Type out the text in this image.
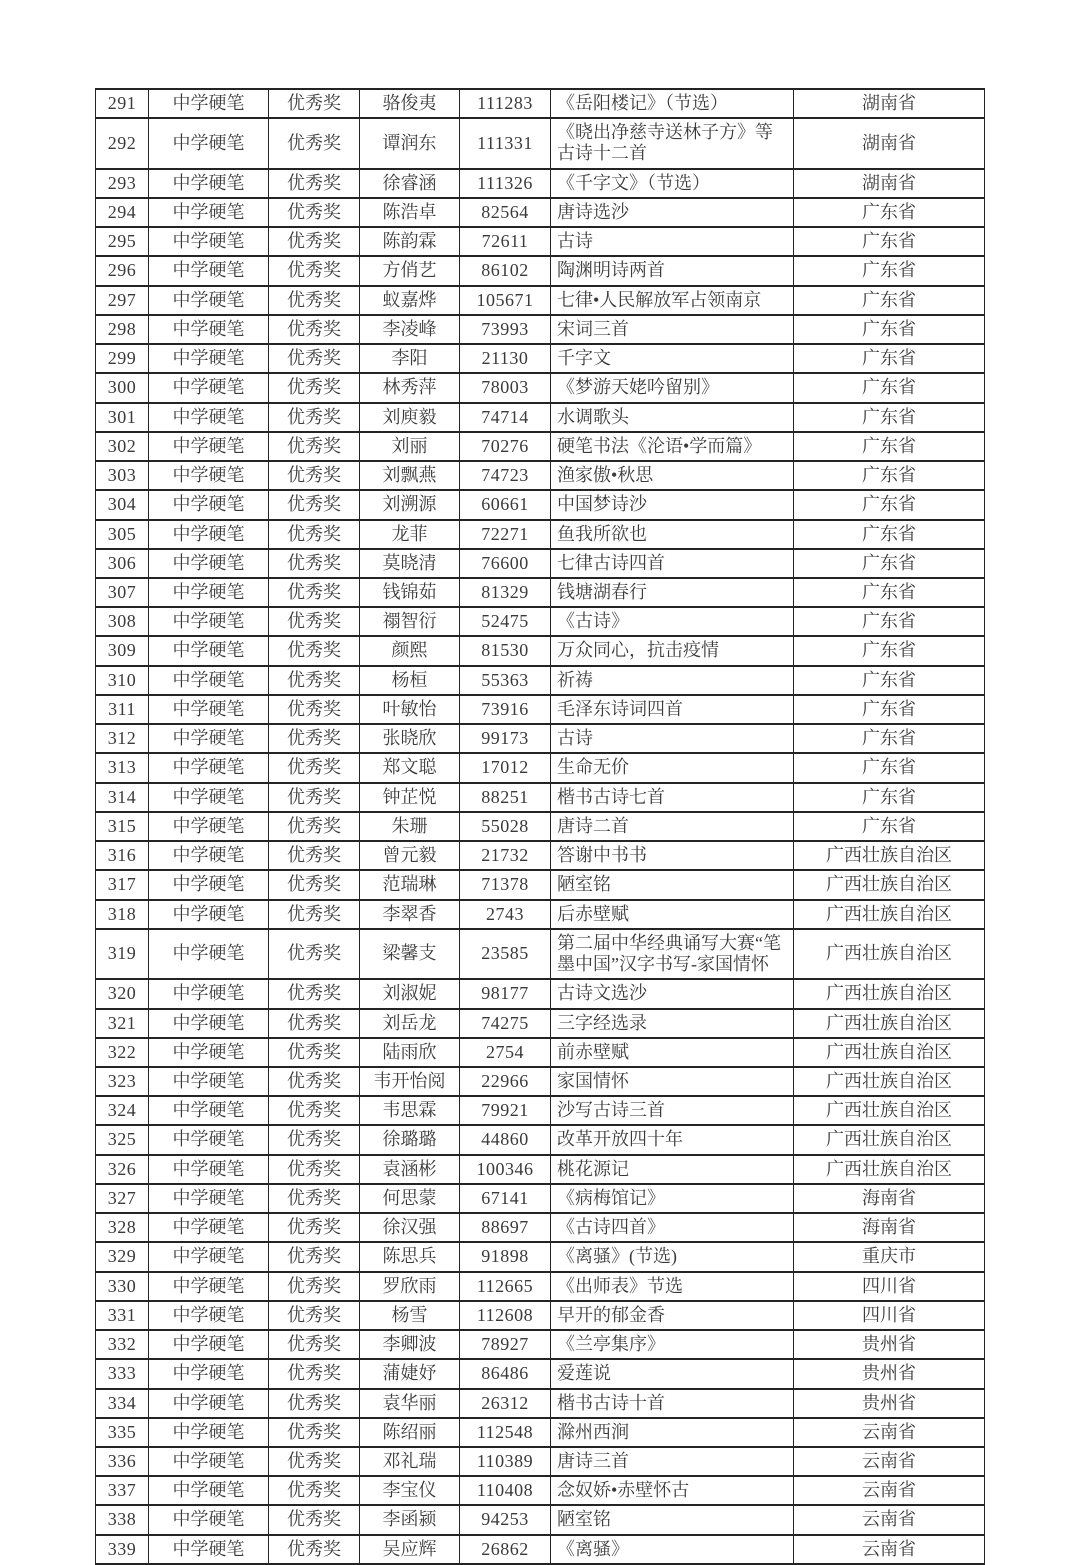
291	中学硬笔	优秀奖	骆俊夷	111283	《岳阳楼记》（节选）	湖南省
292	中学硬笔	优秀奖	谭润东	111331	《晓出净慈寺送林子方》等古诗十二首	湖南省
293	中学硬笔	优秀奖	徐睿涵	111326	《千字文》（节选）	湖南省
294	中学硬笔	优秀奖	陈浩卓	82564	唐诗选沙	广东省
295	中学硬笔	优秀奖	陈韵霖	72611	古诗	广东省
296	中学硬笔	优秀奖	方俏艺	86102	陶渊明诗两首	广东省
297	中学硬笔	优秀奖	蚁嘉烨	105671	七律•人民解放军占领南京	广东省
298	中学硬笔	优秀奖	李凌峰	73993	宋词三首	广东省
299	中学硬笔	优秀奖	李阳	21130	千字文	广东省
300	中学硬笔	优秀奖	林秀萍	78003	《梦游天姥吟留别》	广东省
301	中学硬笔	优秀奖	刘庾毅	74714	水调歌头	广东省
302	中学硬笔	优秀奖	刘丽	70276	硬笔书法《沦语•学而篇》	广东省
303	中学硬笔	优秀奖	刘飘燕	74723	渔家傲•秋思	广东省
304	中学硬笔	优秀奖	刘溯源	60661	中国梦诗沙	广东省
305	中学硬笔	优秀奖	龙菲	72271	鱼我所欲也	广东省
306	中学硬笔	优秀奖	莫晓清	76600	七律古诗四首	广东省
307	中学硬笔	优秀奖	钱锦茹	81329	钱塘湖春行	广东省
308	中学硬笔	优秀奖	禤智衍	52475	《古诗》	广东省
309	中学硬笔	优秀奖	颜熙	81530	万众同心，抗击疫情	广东省
310	中学硬笔	优秀奖	杨桓	55363	祈祷	广东省
311	中学硬笔	优秀奖	叶敏怡	73916	毛泽东诗词四首	广东省
312	中学硬笔	优秀奖	张晓欣	99173	古诗	广东省
313	中学硬笔	优秀奖	郑文聪	17012	生命无价	广东省
314	中学硬笔	优秀奖	钟芷悦	88251	楷书古诗七首	广东省
315	中学硬笔	优秀奖	朱珊	55028	唐诗二首	广东省
316	中学硬笔	优秀奖	曾元毅	21732	答谢中书书	广西壮族自治区
317	中学硬笔	优秀奖	范瑞琳	71378	陋室铭	广西壮族自治区
318	中学硬笔	优秀奖	李翠香	2743	后赤壁赋	广西壮族自治区
319	中学硬笔	优秀奖	梁馨支	23585	第二届中华经典诵写大赛“笔墨中国”汉字书写-家国情怀	广西壮族自治区
320	中学硬笔	优秀奖	刘淑妮	98177	古诗文选沙	广西壮族自治区
321	中学硬笔	优秀奖	刘岳龙	74275	三字经选录	广西壮族自治区
322	中学硬笔	优秀奖	陆雨欣	2754	前赤壁赋	广西壮族自治区
323	中学硬笔	优秀奖	韦开怡阅	22966	家国情怀	广西壮族自治区
324	中学硬笔	优秀奖	韦思霖	79921	沙写古诗三首	广西壮族自治区
325	中学硬笔	优秀奖	徐璐璐	44860	改革开放四十年	广西壮族自治区
326	中学硬笔	优秀奖	袁涵彬	100346	桃花源记	广西壮族自治区
327	中学硬笔	优秀奖	何思蒙	67141	《病梅馆记》	海南省
328	中学硬笔	优秀奖	徐汉强	88697	《古诗四首》	海南省
329	中学硬笔	优秀奖	陈思兵	91898	《离骚》(节选)	重庆市
330	中学硬笔	优秀奖	罗欣雨	112665	《出师表》节选	四川省
331	中学硬笔	优秀奖	杨雪	112608	早开的郁金香	四川省
332	中学硬笔	优秀奖	李卿波	78927	《兰亭集序》	贵州省
333	中学硬笔	优秀奖	蒲婕妤	86486	爱莲说	贵州省
334	中学硬笔	优秀奖	袁华丽	26312	楷书古诗十首	贵州省
335	中学硬笔	优秀奖	陈绍丽	112548	滁州西涧	云南省
336	中学硬笔	优秀奖	邓礼瑞	110389	唐诗三首	云南省
337	中学硬笔	优秀奖	李宝仪	110408	念奴娇•赤壁怀古	云南省
338	中学硬笔	优秀奖	李函颍	94253	陋室铭	云南省
339	中学硬笔	优秀奖	吴应辉	26862	《离骚》	云南省
